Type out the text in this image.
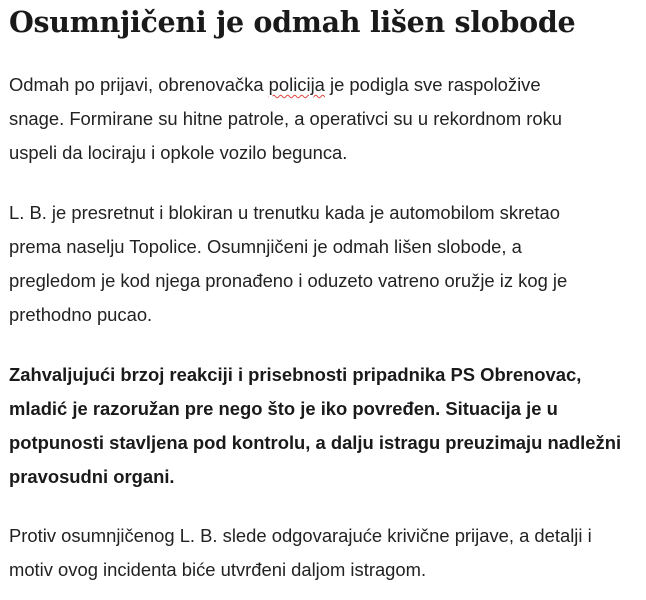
Osumnjičeni je odmah lišen slobode

Odmah po prijavi, obrenovačka policija je podigla sve raspoložive
snage. Formirane su hitne patrole, a operativci su u rekordnom roku
uspeli da lociraju i opkole vozilo begunca.

L. B. je presretnut i blokiran u trenutku kada je automobilom skretao
prema naselju Topolice. Osumnjičeni je odmah lišen slobode, a
pregledom je kod njega pronađeno i oduzeto vatreno oružje iz kog je
prethodno pucao.

Zahvaljujući brzoj reakciji i prisebnosti pripadnika PS Obrenovac,
mladić je razoružan pre nego što je iko povređen. Situacija je u
potpunosti stavljena pod kontrolu, a dalju istragu preuzimaju nadležni
pravosudni organi.

Protiv osumnjičenog L. B. slede odgovarajuće krivične prijave, a detalji i
motiv ovog incidenta biće utvrđeni daljom istragom.
